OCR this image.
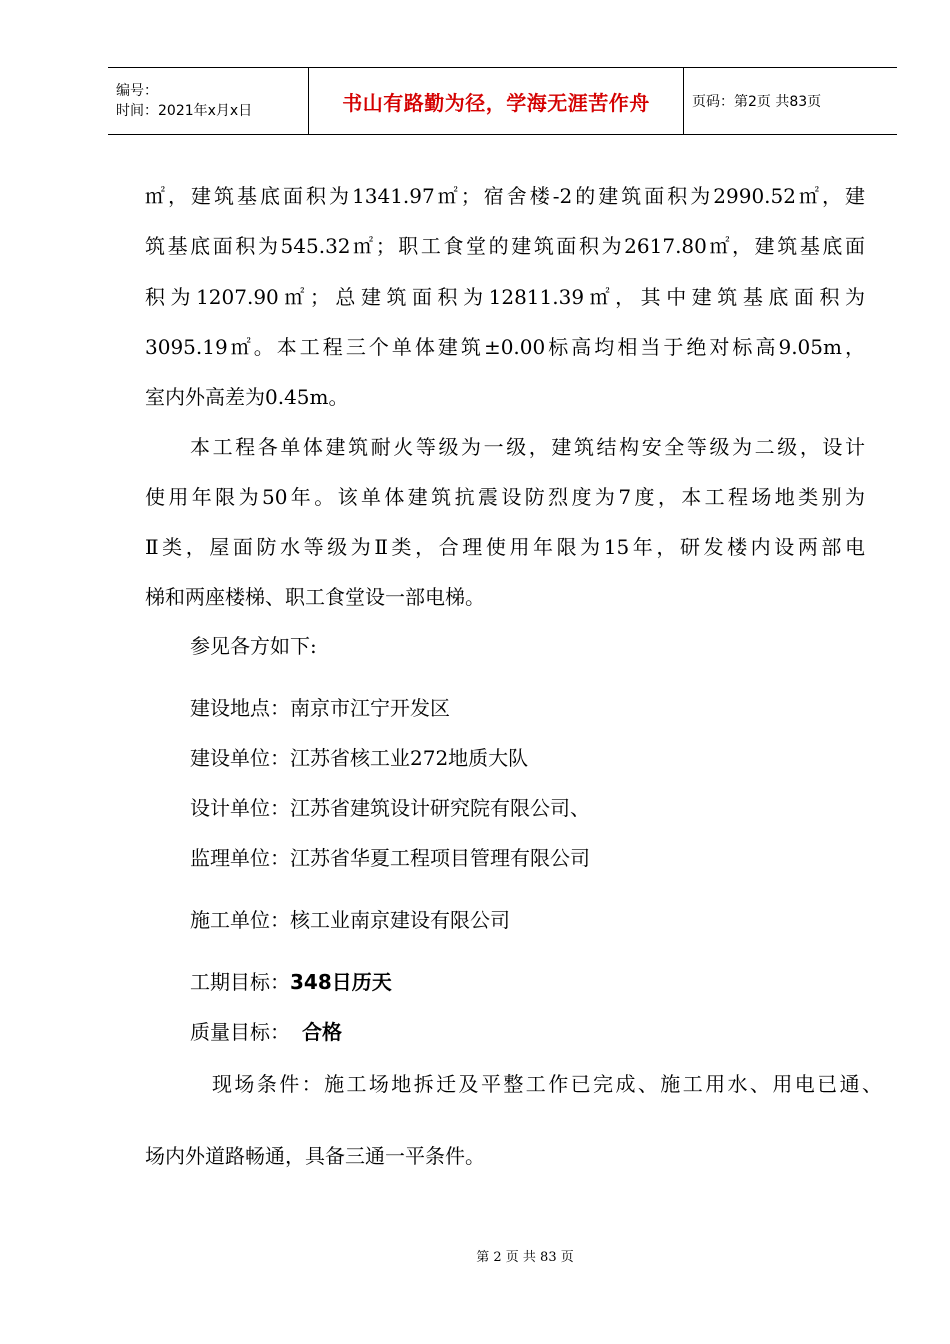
编号：
时间：2021年x月x日	书山有路勤为径，学海无涯苦作舟	页码：第2页 共83页
㎡，建筑基底面积为1341.97㎡；宿舍楼-2的建筑面积为2990.52㎡，建
筑基底面积为545.32㎡；职工食堂的建筑面积为2617.80㎡，建筑基底面
积为1207.90㎡；总建筑面积为12811.39㎡，其中建筑基底面积为
3095.19㎡。本工程三个单体建筑±0.00标高均相当于绝对标高9.05m，
室内外高差为0.45m。
本工程各单体建筑耐火等级为一级，建筑结构安全等级为二级，设计
使用年限为50年。该单体建筑抗震设防烈度为7度，本工程场地类别为
Ⅱ类，屋面防水等级为Ⅱ类，合理使用年限为15年，研发楼内设两部电
梯和两座楼梯、职工食堂设一部电梯。
参见各方如下:
建设地点：南京市江宁开发区
建设单位：江苏省核工业272地质大队
设计单位：江苏省建筑设计研究院有限公司、
监理单位：江苏省华夏工程项目管理有限公司
施工单位：核工业南京建设有限公司
工期目标：348日历天
质量目标： 合格
现场条件：施工场地拆迁及平整工作已完成、施工用水、用电已通、
场内外道路畅通，具备三通一平条件。
第 2 页 共 83 页
